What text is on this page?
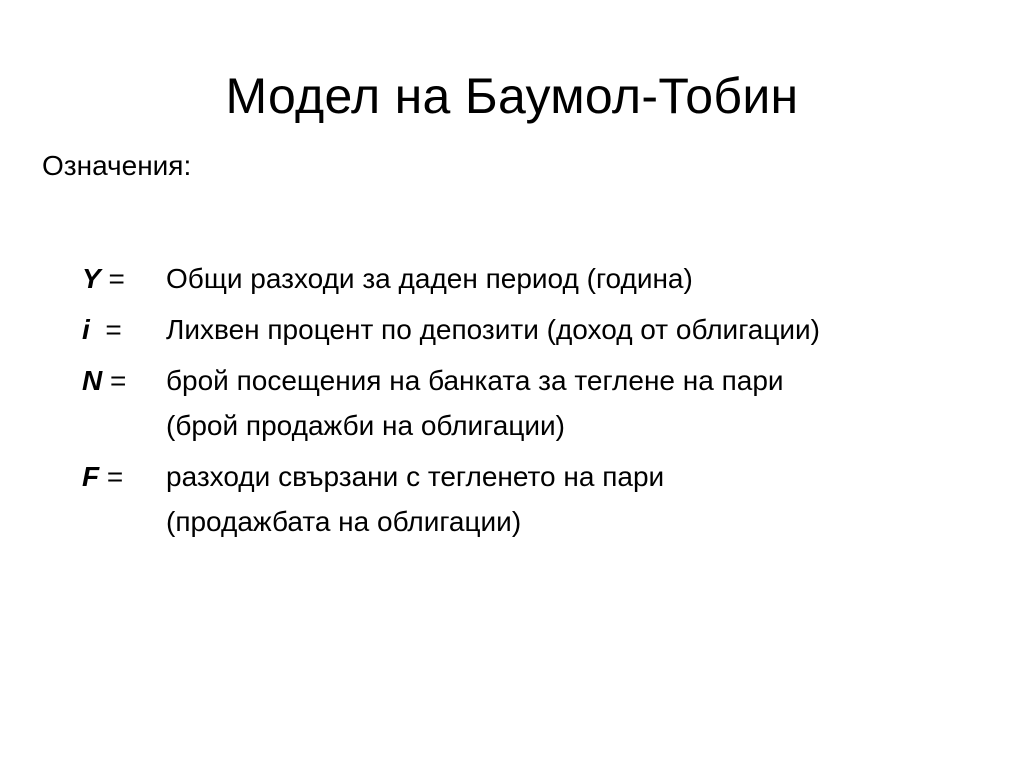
Модел на Баумол-Тобин
Означения:
Y =	Общи разходи за даден период (година)
i  =	Лихвен процент по депозити (доход от облигации)
N =	брой посещения на банката за теглене на пари
(брой продажби на облигации)
F =	разходи свързани с тегленето на пари
(продажбата на облигации)
